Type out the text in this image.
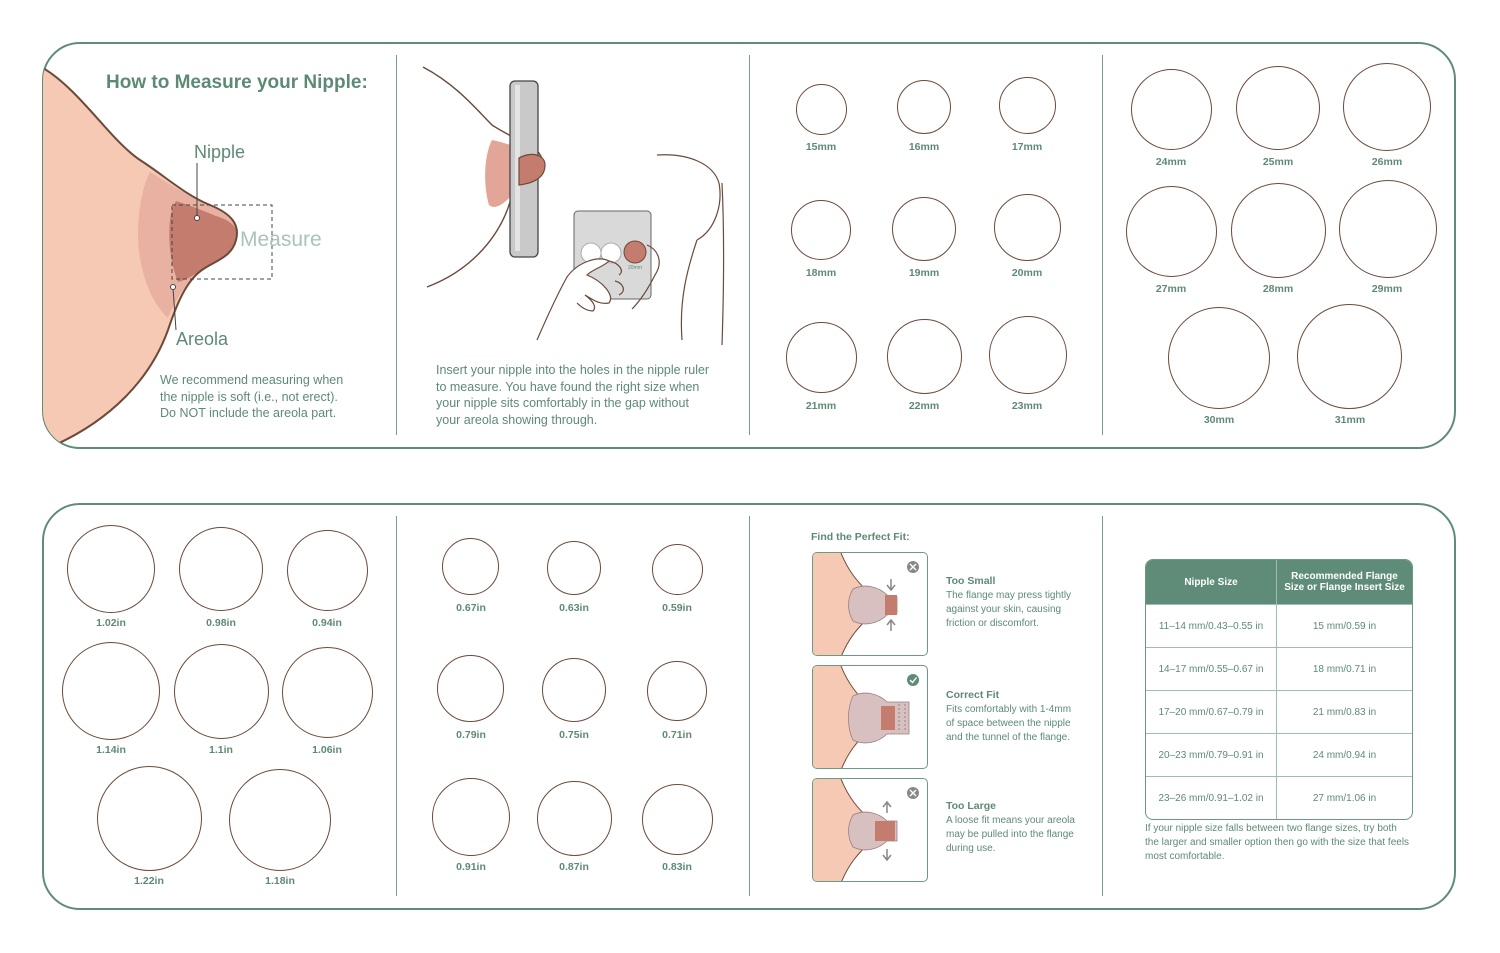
How to Measure your Nipple:
Nipple
Measure
Areola
We recommend measuring when the nipple is soft (i.e., not erect). Do NOT include the areola part.
20mm
Insert your nipple into the holes in the nipple ruler to measure. You have found the right size when your nipple sits comfortably in the gap without your areola showing through.
15mm	16mm	17mm
18mm	19mm	20mm
21mm	22mm	23mm
24mm	25mm	26mm
27mm	28mm	29mm
30mm	31mm
1.02in	0.98in	0.94in
1.14in	1.1in	1.06in
1.22in	1.18in
0.67in	0.63in	0.59in
0.79in	0.75in	0.71in
0.91in	0.87in	0.83in
Find the Perfect Fit:
Too Small
The flange may press tightly against your skin, causing friction or discomfort.
Correct Fit
Fits comfortably with 1-4mm of space between the nipple and the tunnel of the flange.
Too Large
A loose fit means your areola may be pulled into the flange during use.
Nipple Size	Recommended Flange Size or Flange Insert Size
11–14 mm/0.43–0.55 in	15 mm/0.59 in
14–17 mm/0.55–0.67 in	18 mm/0.71 in
17–20 mm/0.67–0.79 in	21 mm/0.83 in
20–23 mm/0.79–0.91 in	24 mm/0.94 in
23–26 mm/0.91–1.02 in	27 mm/1.06 in
If your nipple size falls between two flange sizes, try both the larger and smaller option then go with the size that feels most comfortable.
